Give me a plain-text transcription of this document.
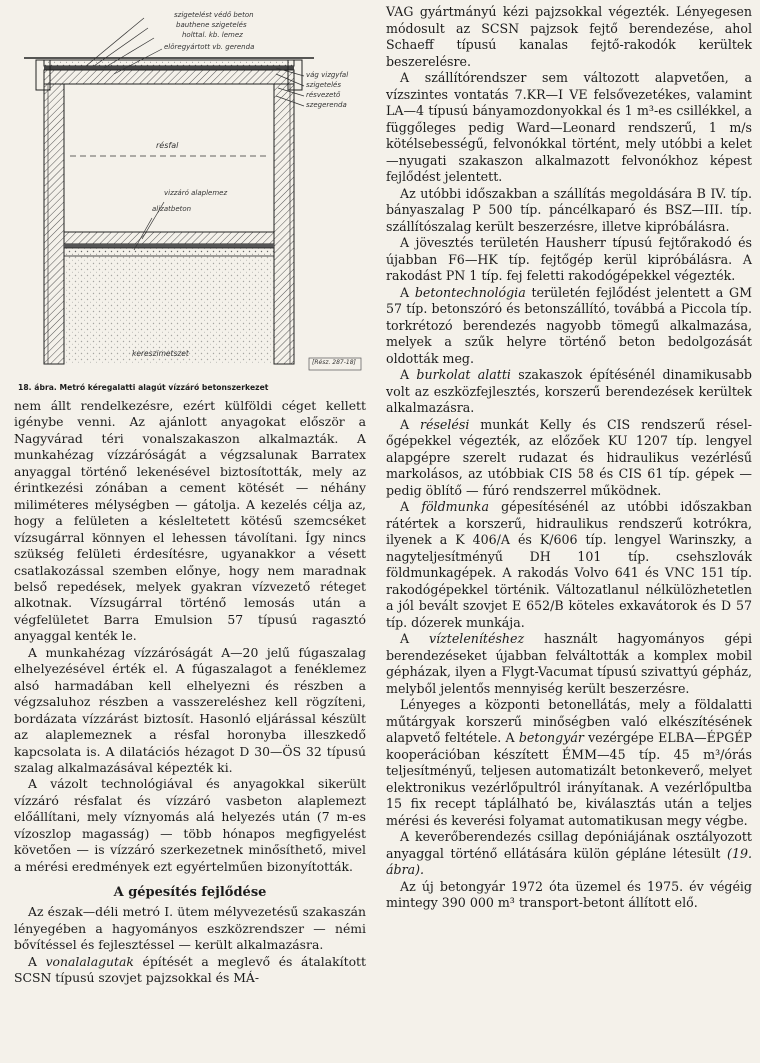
szigetelést védő beton
bauthene szigetelés
holttal. kb. lemez
elöregyártott vb. gerenda
vág vizgyfal
szigetelés
résvezető
szegerenda
résfal
vizzáró alaplemez
aljzatbeton
kereszimetszet
[Rész. 287-18]
18. ábra. Metró kéregalatti alagút vízzáró betonszerkezet

nem állt rendelkezésre, ezért külföldi céget kellett igénybe venni. Az ajánlott anyagokat először a Nagyvárad téri vonalszakaszon alkalmazták. A munkahézag vízzáróságát a végzsalunak Barratex anyaggal történő lekenésével biztosították, mely az érintkezési zónában a cement kötését — néhány miliméteres mélységben — gátolja. A kezelés célja az, hogy a felületen a késleltetett kötésű szemcséket vízsugárral könnyen el lehessen távolítani. Így nincs szükség felületi érdesítésre, ugyanakkor a vésett csatlakozással szemben előnye, hogy nem maradnak belső repedések, melyek gyakran vízvezető réteget alkotnak. Vízsugárral történő lemosás után a végfelületet Barra Emulsion 57 típusú ragasztó anyaggal kenték le.

A munkahézag vízzáróságát A—20 jelű fúgaszalag elhelyezésével érték el. A fúgaszalagot a fenéklemez alsó harmadában kell elhelyezni és részben a végzsaluhoz részben a vasszereléshez kell rögzíteni, bordázata vízzárást biztosít. Hasonló eljárással készült az alaplemeznek a résfal horonyba illeszkedő kapcsolata is. A dilatációs hézagot D 30—ÖS 32 típusú szalag alkalmazásával képezték ki.

A vázolt technológiával és anyagokkal sikerült vízzáró résfalat és vízzáró vasbeton alaplemezt előállítani, mely víznyomás alá helyezés után (7 m-es vízoszlop magasság) — több hónapos megfigyelést követően — is vízzáró szerkezetnek minősíthető, mivel a mérési eredmények ezt egyértelműen bizonyították.

A gépesítés fejlődése

Az észak—déli metró I. ütem mélyvezetésű szakaszán lényegében a hagyományos eszközrendszer — némi bővítéssel és fejlesztéssel — került alkalmazásra.

A vonalalagutak építését a meglevő és átalakított SCSN típusú szovjet pajzsokkal és MÁ-

VAG gyártmányú kézi pajzsokkal végezték. Lényegesen módosult az SCSN pajzsok fejtő berendezése, ahol Schaeff típusú kanalas fejtő-rakodók kerültek beszerelésre.

A szállítórendszer sem változott alapvetően, a vízszintes vontatás 7.KR—I VE felsővezetékes, valamint LA—4 típusú bányamozdonyokkal és 1 m³-es csillékkel, a függőleges pedig Ward—Leonard rendszerű, 1 m/s kötélsebességű, felvonókkal történt, mely utóbbi a kelet—nyugati szakaszon alkalmazott felvonókhoz képest fejlődést jelentett.

Az utóbbi időszakban a szállítás megoldására B IV. típ. bányaszalag P 500 típ. páncélkaparó és BSZ—III. típ. szállítószalag került beszerzésre, illetve kipróbálásra.

A jövesztés területén Hausherr típusú fejtőrakodó és újabban F6—HK típ. fejtőgép kerül kipróbálásra. A rakodást PN 1 típ. fej feletti rakodógépekkel végezték.

A betontechnológia területén fejlődést jelentett a GM 57 típ. betonszóró és betonszállító, továbbá a Piccola típ. torkrétozó berendezés nagyobb tömegű alkalmazása, melyek a szűk helyre történő beton bedolgozását oldották meg.

A burkolat alatti szakaszok építésénél dinamikusabb volt az eszközfejlesztés, korszerű berendezések kerültek alkalmazásra.

A réselési munkát Kelly és CIS rendszerű réselőgépekkel végezték, az előzőek KU 1207 típ. lengyel alapgépre szerelt rudazat és hidraulikus vezérlésű markolásos, az utóbbiak CIS 58 és CIS 61 típ. gépek — pedig öblítő — fúró rendszerrel működnek.

A földmunka gépesítésénél az utóbbi időszakban rátértek a korszerű, hidraulikus rendszerű kotrókra, ilyenek a K 406/A és K/606 típ. lengyel Warinszky, a nagyteljesítményű DH 101 típ. csehszlovák földmunkagépek. A rakodás Volvo 641 és VNC 151 típ. rakodógépekkel történik. Változatlanul nélkülözhetetlen a jól bevált szovjet E 652/B köteles exkavátorok és D 57 típ. dózerek munkája.

A víztelenítéshez használt hagyományos gépi berendezéseket újabban felváltották a komplex mobil gépházak, ilyen a Flygt-Vacumat típusú szivattyú gépház, melyből jelentős mennyiség került beszerzésre.

Lényeges a központi betonellátás, mely a földalatti műtárgyak korszerű minőségben való elkészítésének alapvető feltétele. A betongyár vezérgépe ELBA—ÉPGÉP kooperációban készített ÉMM—45 típ. 45 m³/órás teljesítményű, teljesen automatizált betonkeverő, melyet elektronikus vezérlőpultról irányítanak. A vezérlőpultba 15 fix recept táplálható be, kiválasztás után a teljes mérési és keverési folyamat automatikusan megy végbe.

A keverőberendezés csillag depóniájának osztályozott anyaggal történő ellátására külön gépláne létesült (19. ábra).

Az új betongyár 1972 óta üzemel és 1975. év végéig mintegy 390 000 m³ transport-betont állított elő.
